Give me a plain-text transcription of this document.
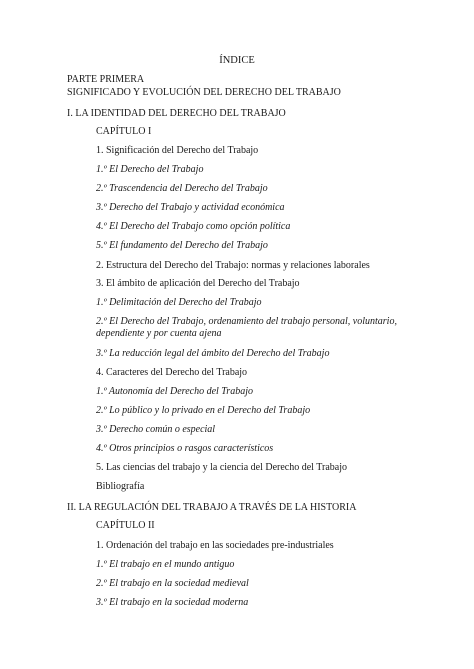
ÍNDICE
PARTE PRIMERA
SIGNIFICADO Y EVOLUCIÓN DEL DERECHO DEL TRABAJO
I. LA IDENTIDAD DEL DERECHO DEL TRABAJO
CAPÍTULO I
1. Significación del Derecho del Trabajo
1.º El Derecho del Trabajo
2.º Trascendencia del Derecho del Trabajo
3.º Derecho del Trabajo y actividad económica
4.º El Derecho del Trabajo como opción política
5.º El fundamento del Derecho del Trabajo
2. Estructura del Derecho del Trabajo: normas y relaciones laborales
3. El ámbito de aplicación del Derecho del Trabajo
1.º Delimitación del Derecho del Trabajo
2.º El Derecho del Trabajo, ordenamiento del trabajo personal, voluntario, dependiente y por cuenta ajena
3.º La reducción legal del ámbito del Derecho del Trabajo
4. Caracteres del Derecho del Trabajo
1.º Autonomía del Derecho del Trabajo
2.º Lo público y lo privado en el Derecho del Trabajo
3.º Derecho común o especial
4.º Otros principios o rasgos característicos
5. Las ciencias del trabajo y la ciencia del Derecho del Trabajo
Bibliografía
II. LA REGULACIÓN DEL TRABAJO A TRAVÉS DE LA HISTORIA
CAPÍTULO II
1. Ordenación del trabajo en las sociedades pre-industriales
1.º El trabajo en el mundo antiguo
2.º El trabajo en la sociedad medieval
3.º El trabajo en la sociedad moderna
